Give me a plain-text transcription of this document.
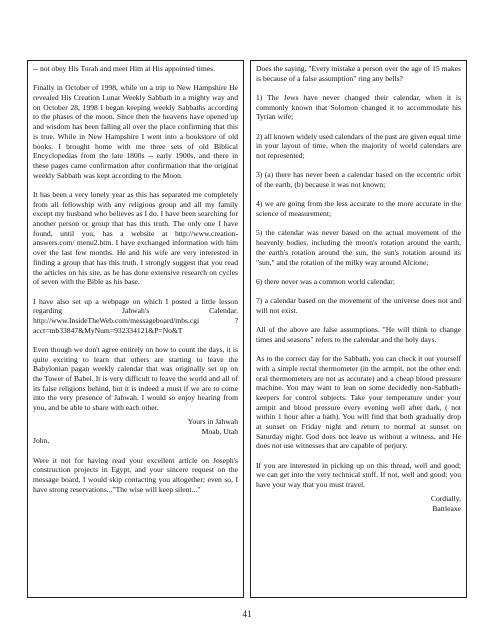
-- not obey His Torah and meet Him at His appointed times.

Finally in October of 1998, while on a trip to New Hampshire He revealed His Creation Lunar Weekly Sabbath in a mighty way and on October 28, 1998 I began keeping weekly Sabbaths according to the phases of the moon. Since then the heavens have opened up and wisdom has been falling all over the place confirming that this is true. While in New Hampshire I went into a bookstore of old books. I brought home with me three sets of old Biblical Encyclopedias from the late 1800s -- early 1900s, and there in these pages came confirmation after confirmation that the original weekly Sabbath was kept according to the Moon.

It has been a very lonely year as this has separated me completely from all fellowship with any religious group and all my family except my husband who believes as I do. I have been searching for another person or group that has this truth. The only one I have found, until you, has a website at http://www.creation-answers.com/ menu2.htm. I have exchanged information with him over the last few months. He and his wife are very interested in finding a group that has this truth. I strongly suggest that you read the articles on his site, as he has done extensive research on cycles of seven with the Bible as his base.

I have also set up a webpage on which I posted a little lesson regarding Jahwah's Calendar. http://www.InsideTheWeb.com/messageboard/mbs.cgi ?acct=mb33847&MyNum=932334121&P=No&T

Even though we don't agree entirely on how to count the days, it is quite exciting to learn that others are starting to leave the Babylonian pagan weekly calendar that was originally set up on the Tower of Babel. It is very difficult to leave the world and all of its false religions behind, but it is indeed a must if we are to come into the very presence of Jahwah. I would so enjoy hearing from you, and be able to share with each other.

Yours in Jahwah
Moab, Utah

John,

Were it not for having read your excellent article on Joseph's construction projects in Egypt, and your sincere request on the message board, I would skip contacting you altogether; even so, I have strong reservations..."The wise will keep silent..."

Does the saying, "Every mistake a person over the age of 15 makes is because of a false assumption" ring any bells?

1) The Jews have never changed their calendar, when it is commonly known that Solomon changed it to accommodate his Tyrian wife;

2) all known widely used calendars of the past are given equal time in your layout of time, when the majority of world calendars are not represented;

3) (a) there has never been a calendar based on the eccentric orbit of the earth, (b) because it was not known;

4) we are going from the less accurate to the more accurate in the science of measurement;

5) the calendar was never based on the actual movement of the heavenly bodies, including the moon's rotation around the earth, the earth's rotation around the sun, the sun's rotation around its "sun," and the rotation of the milky way around Alcione;

6) there never was a common world calendar;

7) a calendar based on the movement of the universe does not and will not exist.

All of the above are false assumptions. "He will think to change times and seasons" refers to the calendar and the holy days.

As to the correct day for the Sabbath, you can check it out yourself with a simple rectal thermometer (in the armpit, not the other end: oral thermometers are not as accurate) and a cheap blood pressure machine. You may want to lean on some decidedly non-Sabbath-keepers for control subjects. Take your temperature under your armpit and blood pressure every evening well after dark, ( not within 1 hour after a bath). You will find that both gradually drop at sunset on Friday night and return to normal at sunset on Saturday night. God does not leave us without a witness, and He does not use witnesses that are capable of perjury.

If you are interested in picking up on this thread, well and good; we can get into the very technical stuff. If not, well and good; you have your way that you must travel.

Cordially,
Battleaxe
41
